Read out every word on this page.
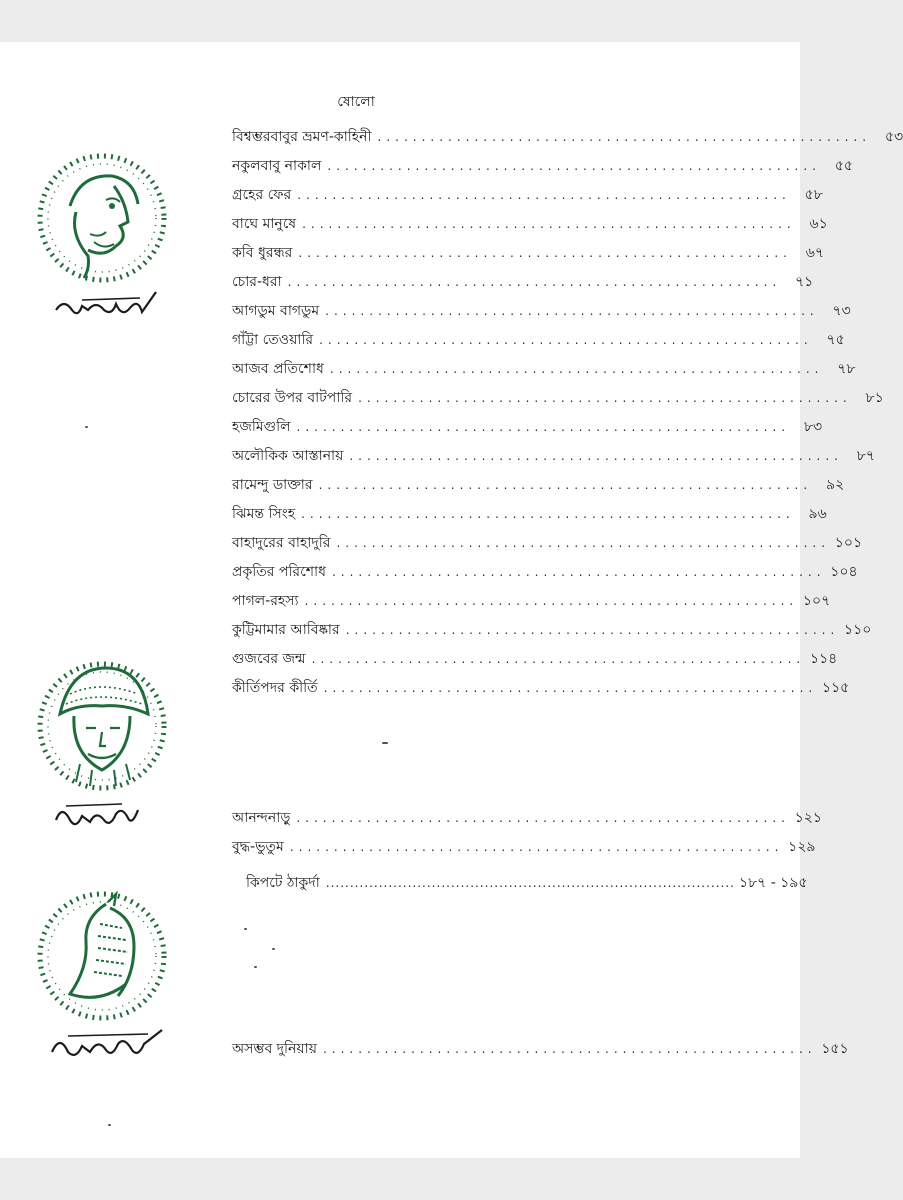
ষোলো
বিশ্বম্ভরবাবুর ভ্রমণ-কাহিনী ........................................................ ৫৩
নকুলবাবু নাকাল ........................................................ ৫৫
গ্রহের ফের ........................................................ ৫৮
বাঘে মানুষে ........................................................ ৬১
কবি ধুরন্ধর ........................................................ ৬৭
চোর-ধরা ........................................................ ৭১
আগডুম বাগডুম ........................................................ ৭৩
গাঁট্টা তেওয়ারি ........................................................ ৭৫
আজব প্রতিশোধ ........................................................ ৭৮
চোরের উপর বাটপারি ........................................................ ৮১
হজমিগুলি ........................................................ ৮৩
অলৌকিক আস্তানায় ........................................................ ৮৭
রামেন্দু ডাক্তার ........................................................ ৯২
ঝিমন্ত সিংহ ........................................................ ৯৬
বাহাদুরের বাহাদুরি ........................................................ ১০১
প্রকৃতির পরিশোধ ........................................................ ১০৪
পাগল-রহস্য ........................................................ ১০৭
কুট্টিমামার আবিষ্কার ........................................................ ১১০
গুজবের জন্ম ........................................................ ১১৪
কীর্তিপদর কীর্তি ........................................................ ১১৫
আনন্দনাড়ু ........................................................ ১২১
বুদ্ধ-ভুতুম ........................................................ ১২৯
কিপটে ঠাকুর্দা ..................................................................................... ১৮৭ - ১৯৫
অসম্ভব দুনিয়ায় ........................................................ ১৫১
